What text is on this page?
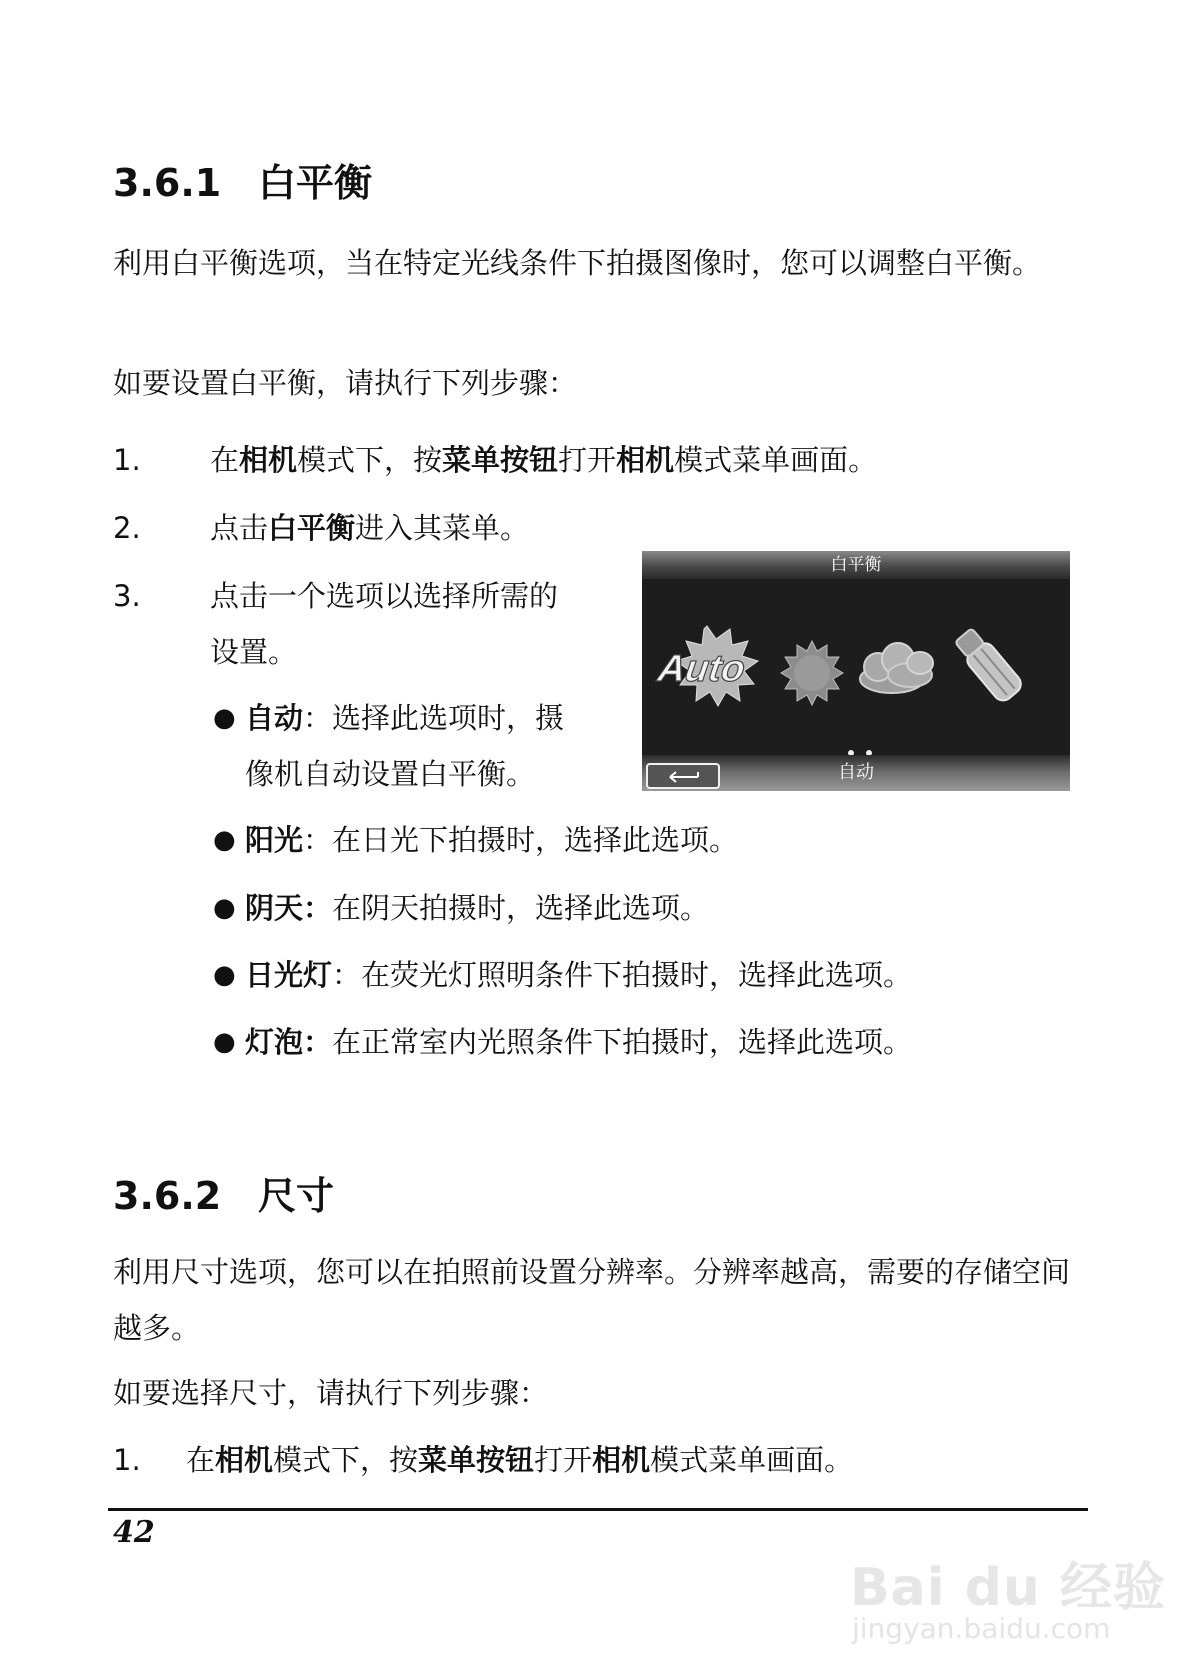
3.6.1 白平衡
利用白平衡选项，当在特定光线条件下拍摄图像时，您可以调整白平衡。
如要设置白平衡，请执行下列步骤：
1. 在相机模式下，按菜单按钮打开相机模式菜单画面。
2. 点击白平衡进入其菜单。
3. 点击一个选项以选择所需的
设置。
● 自动：选择此选项时，摄
像机自动设置白平衡。
● 阳光：在日光下拍摄时，选择此选项。
● 阴天：在阴天拍摄时，选择此选项。
● 日光灯：在荧光灯照明条件下拍摄时，选择此选项。
● 灯泡：在正常室内光照条件下拍摄时，选择此选项。
白平衡
Auto
自动
3.6.2 尺寸
利用尺寸选项，您可以在拍照前设置分辨率。分辨率越高，需要的存储空间越多。
如要选择尺寸，请执行下列步骤：
1. 在相机模式下，按菜单按钮打开相机模式菜单画面。
42
Bai du 经验
jingyan.baidu.com
